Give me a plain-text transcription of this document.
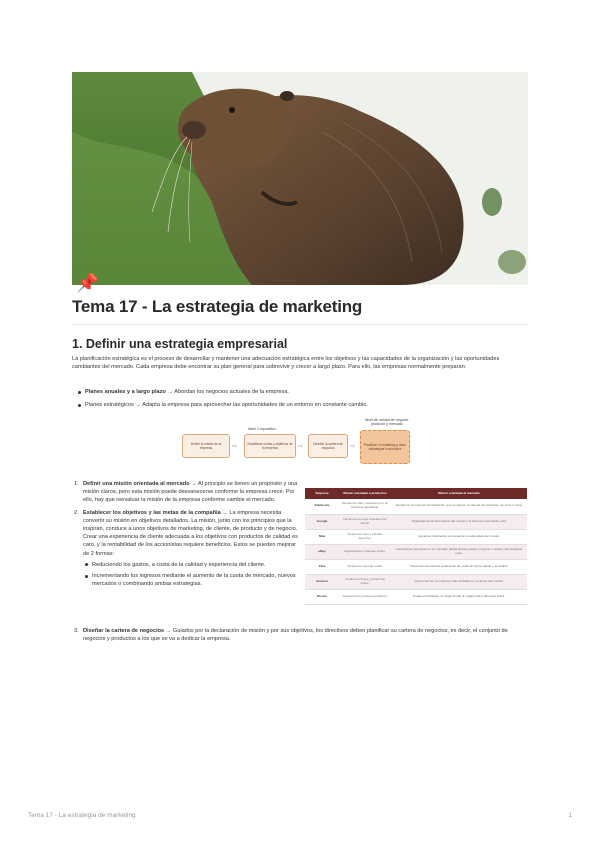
📌
Tema 17 - La estrategia de marketing
1. Definir una estrategia empresarial

La planificación estratégica es el proceso de desarrollar y mantener una adecuación estratégica entre los objetivos y las capacidades de la organización y las oportunidades cambiantes del mercado. Cada empresa debe encontrar su plan general para sobrevivir y crecer a largo plazo. Para ello, las empresas normalmente preparan:

Planes anuales y a largo plazo → Abordan los negocios actuales de la empresa.
Planes estratégicos → Adapta la empresa para aprovechar las oportunidades de un entorno en constante cambio.
Nivel Corporativo
Nivel de unidad de negocio, producto y mercado
Definir la misión de la empresa	⇨	Establecer metas y objetivos de la empresa	⇨	Diseñar la cartera de negocios	⇨	Planificar el marketing y otras estrategias funcionales
1. Definir una misión orientada al mercado → Al principio se tienen un propósito y una misión claros, pero esta misión puede desvanecerse conforme la empresa crece. Por ello, hay que reevaluar la misión de la empresa conforme cambie el mercado.
2. Establecer los objetivos y las metas de la compañía → La empresa necesita convertir su misión en objetivos detallados. La misión, junto con los principios que la inspiran, conduce a unos objetivos de marketing, de cliente, de producto y de negocio. Crear una experiencia de cliente adecuada a los objetivos con productos de calidad es caro, y la rentabilidad de los accionistas requiere beneficios. Estos se pueden mejorar de 2 formas:
Reduciendo los gastos, a costa de la calidad y experiencia del cliente.
Incrementando los ingresos mediante el aumento de la cuota de mercado, nuevos mercados o combinando ambas estrategias.
Empresa	Misión orientada a productos	Misión orientada al mercado
Starbucks	Vendemos café y aperitivos en un ambiente agradable.	Vendemos la experiencia Starbucks, que enriquece la vida de las personas, de taza en taza.
Google	Hacemos el mejor buscador del mundo.	Organizamos la información del mundo y la hacemos accesible y útil.
Nike	Vendemos ropa y calzado deportivo.	Llevamos inspiración e innovación a cada atleta del mundo.
eBay	Organizamos subastas online.	Conectamos personas en un mercado global donde pueden comprar y vender casi cualquier cosa.
Zara	Vendemos ropa de moda.	Ofrecemos las últimas tendencias de moda de forma rápida y accesible.
Amazon	Vendemos libros y productos online.	Queremos ser la empresa más centrada en el cliente del mundo.
Disney	Gestionamos parques temáticos.	Creamos fantasías, un lugar donde la magia cobra vida para todos.
3. Diseñar la cartera de negocios → Guiados por la declaración de misión y por sus objetivos, los directivos deben planificar su cartera de negocios, es decir, el conjunto de negocios y productos a los que se va a dedicar la empresa.
Tema 17 - La estrategia de marketing	1
